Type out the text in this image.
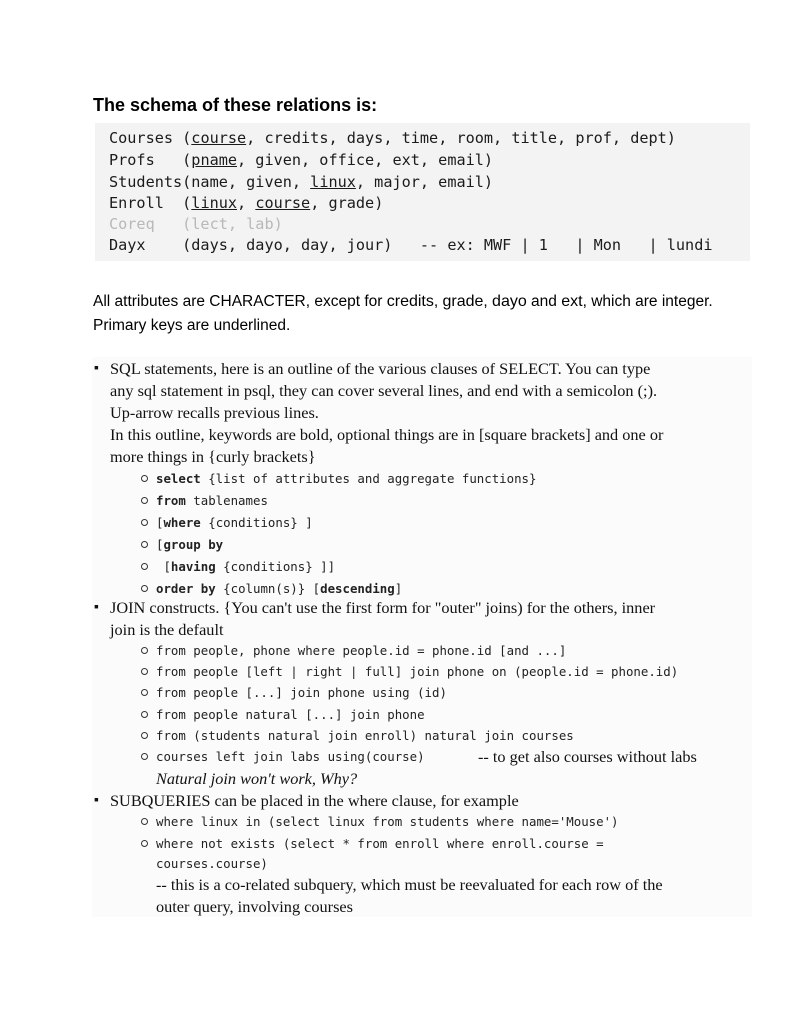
The schema of these relations is:
Courses (course, credits, days, time, room, title, prof, dept)
Profs   (pname, given, office, ext, email)
Students(name, given, linux, major, email)
Enroll  (linux, course, grade)
Coreq   (lect, lab)
Dayx    (days, dayo, day, jour)   -- ex: MWF | 1   | Mon   | lundi
All attributes are CHARACTER, except for credits, grade, dayo and ext, which are integer. Primary keys are underlined.
▪ SQL statements, here is an outline of the various clauses of SELECT. You can type
any sql statement in psql, they can cover several lines, and end with a semicolon (;).
Up-arrow recalls previous lines.
In this outline, keywords are bold, optional things are in [square brackets] and one or
more things in {curly brackets}
select {list of attributes and aggregate functions}
from tablenames
[where {conditions} ]
[group by
[having {conditions} ]]
order by {column(s)} [descending]
▪ JOIN constructs. {You can't use the first form for "outer" joins) for the others, inner
join is the default
from people, phone where people.id = phone.id [and ...]
from people [left | right | full] join phone on (people.id = phone.id)
from people [...] join phone using (id)
from people natural [...] join phone
from (students natural join enroll) natural join courses
courses left join labs using(course)	-- to get also courses without labs
Natural join won't work, Why?
▪ SUBQUERIES can be placed in the where clause, for example
where linux in (select linux from students where name='Mouse')
where not exists (select * from enroll where enroll.course =
courses.course)
-- this is a co-related subquery, which must be reevaluated for each row of the
outer query, involving courses
